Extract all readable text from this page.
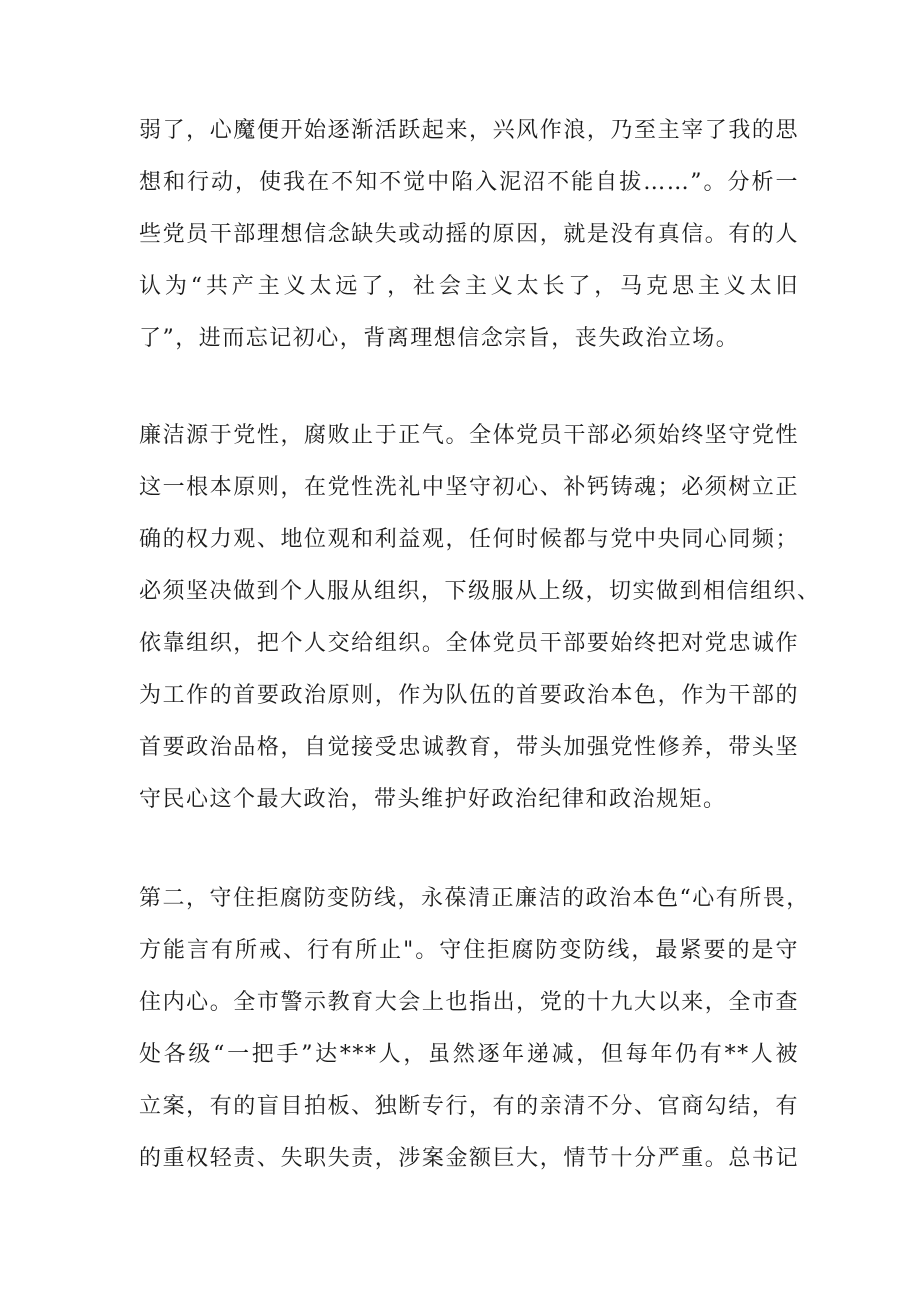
弱了，心魔便开始逐渐活跃起来，兴风作浪，乃至主宰了我的思
想和行动，使我在不知不觉中陷入泥沼不能自拔……”。分析一
些党员干部理想信念缺失或动摇的原因，就是没有真信。有的人
认为“共产主义太远了，社会主义太长了，马克思主义太旧
了”，进而忘记初心，背离理想信念宗旨，丧失政治立场。
廉洁源于党性，腐败止于正气。全体党员干部必须始终坚守党性
这一根本原则，在党性洗礼中坚守初心、补钙铸魂；必须树立正
确的权力观、地位观和利益观，任何时候都与党中央同心同频；
必须坚决做到个人服从组织，下级服从上级，切实做到相信组织、
依靠组织，把个人交给组织。全体党员干部要始终把对党忠诚作
为工作的首要政治原则，作为队伍的首要政治本色，作为干部的
首要政治品格，自觉接受忠诚教育，带头加强党性修养，带头坚
守民心这个最大政治，带头维护好政治纪律和政治规矩。
第二，守住拒腐防变防线，永葆清正廉洁的政治本色“心有所畏，
方能言有所戒、行有所止"。守住拒腐防变防线，最紧要的是守
住内心。全市警示教育大会上也指出，党的十九大以来，全市查
处各级“一把手”达***人，虽然逐年递减，但每年仍有**人被
立案，有的盲目拍板、独断专行，有的亲清不分、官商勾结，有
的重权轻责、失职失责，涉案金额巨大，情节十分严重。总书记
